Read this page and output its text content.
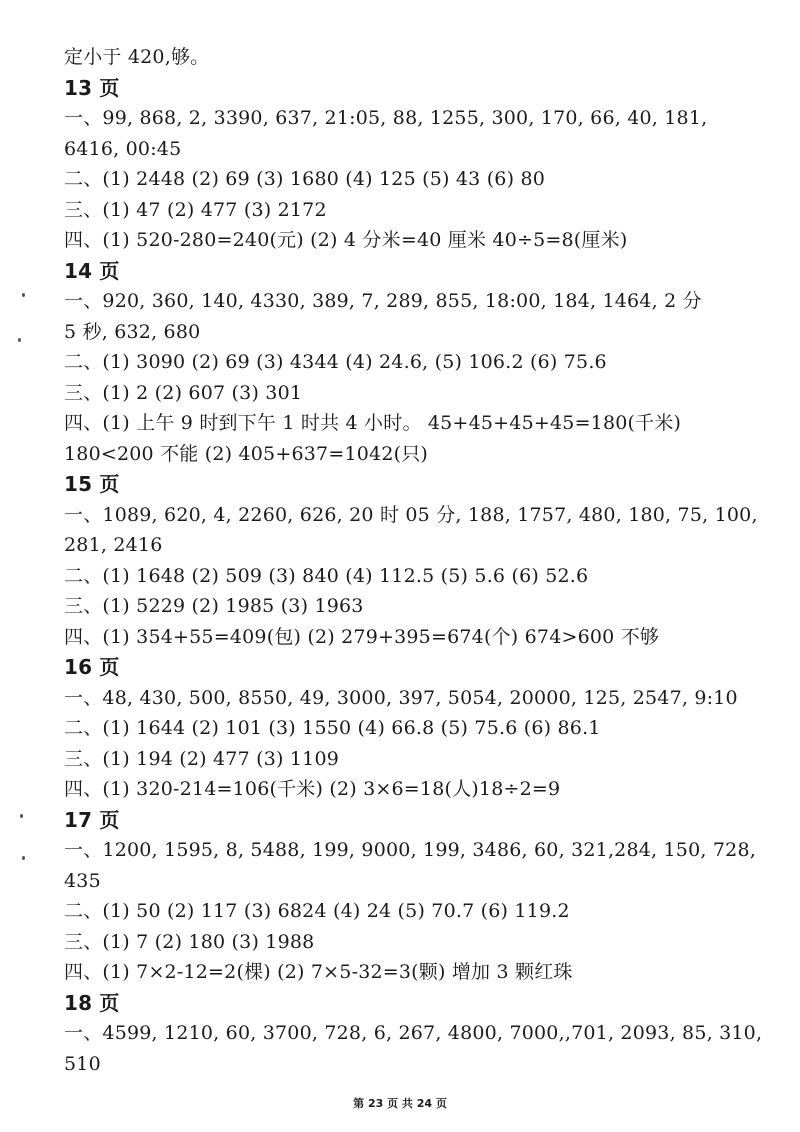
定小于 420,够。
13 页
一、99, 868, 2, 3390, 637, 21:05, 88, 1255, 300, 170, 66, 40, 181,
6416, 00:45
二、(1) 2448 (2) 69 (3) 1680 (4) 125 (5) 43 (6) 80
三、(1) 47 (2) 477 (3) 2172
四、(1) 520-280=240(元) (2) 4 分米=40 厘米 40÷5=8(厘米)
14 页
一、920, 360, 140, 4330, 389, 7, 289, 855, 18:00, 184, 1464, 2 分
5 秒, 632, 680
二、(1) 3090 (2) 69 (3) 4344 (4) 24.6, (5) 106.2 (6) 75.6
三、(1) 2 (2) 607 (3) 301
四、(1) 上午 9 时到下午 1 时共 4 小时。 45+45+45+45=180(千米)
180<200 不能 (2) 405+637=1042(只)
15 页
一、1089, 620, 4, 2260, 626, 20 时 05 分, 188, 1757, 480, 180, 75, 100,
281, 2416
二、(1) 1648 (2) 509 (3) 840 (4) 112.5 (5) 5.6 (6) 52.6
三、(1) 5229 (2) 1985 (3) 1963
四、(1) 354+55=409(包) (2) 279+395=674(个) 674>600 不够
16 页
一、48, 430, 500, 8550, 49, 3000, 397, 5054, 20000, 125, 2547, 9:10
二、(1) 1644 (2) 101 (3) 1550 (4) 66.8 (5) 75.6 (6) 86.1
三、(1) 194 (2) 477 (3) 1109
四、(1) 320-214=106(千米) (2) 3×6=18(人)18÷2=9
17 页
一、1200, 1595, 8, 5488, 199, 9000, 199, 3486, 60, 321,284, 150, 728,
435
二、(1) 50 (2) 117 (3) 6824 (4) 24 (5) 70.7 (6) 119.2
三、(1) 7 (2) 180 (3) 1988
四、(1) 7×2-12=2(棵) (2) 7×5-32=3(颗) 增加 3 颗红珠
18 页
一、4599, 1210, 60, 3700, 728, 6, 267, 4800, 7000,,701, 2093, 85, 310,
510
第 23 页 共 24 页
